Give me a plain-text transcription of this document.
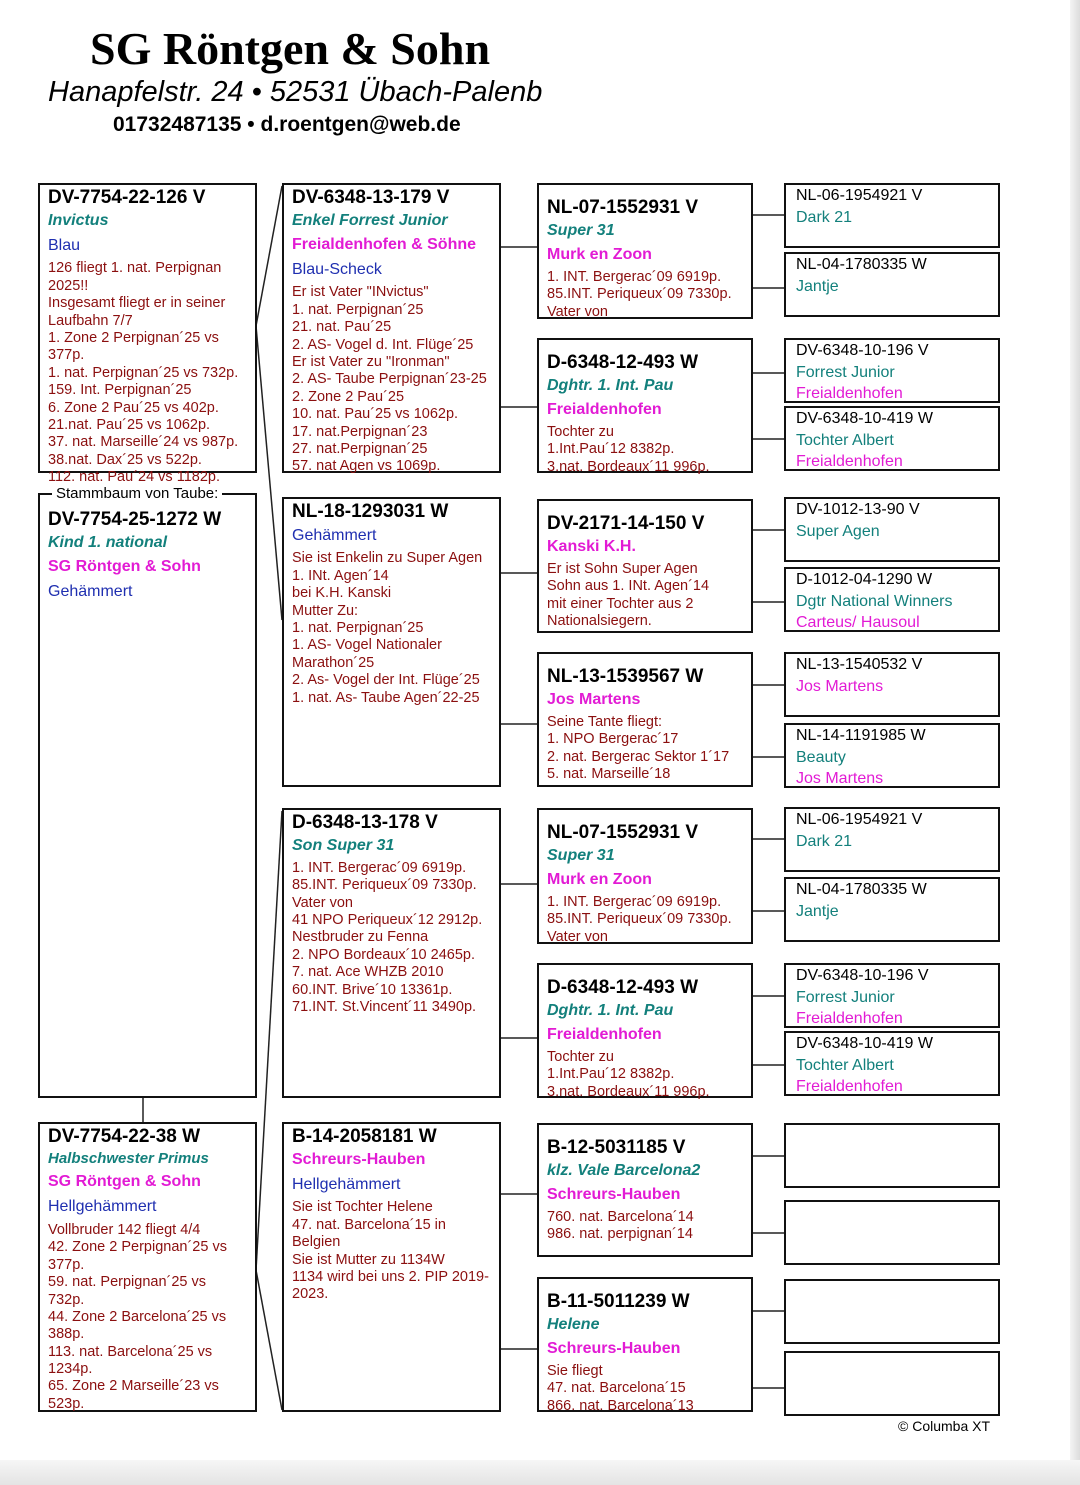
SG Röntgen & Sohn
Hanapfelstr. 24 • 52531 Übach-Palenb
01732487135 • d.roentgen@web.de
DV-7754-25-1272 W
Kind 1. national
SG Röntgen & Sohn
Gehämmert
Stammbaum von Taube:
DV-7754-22-126 V
Invictus
Blau
126 fliegt 1. nat. Perpignan
2025!!
Insgesamt fliegt er in seiner
Laufbahn 7/7
1. Zone 2 Perpignan´25 vs
377p.
1. nat. Perpignan´25 vs 732p.
159. Int. Perpignan´25
6. Zone 2 Pau´25 vs 402p.
21.nat. Pau´25 vs 1062p.
37. nat. Marseille´24 vs 987p.
38.nat. Dax´25 vs 522p.
112. nat. Pau´24 vs 1182p.
DV-7754-22-38 W
Halbschwester Primus
SG Röntgen & Sohn
Hellgehämmert
Vollbruder 142 fliegt 4/4
42. Zone 2 Perpignan´25 vs
377p.
59. nat. Perpignan´25 vs
732p.
44. Zone 2 Barcelona´25 vs
388p.
113. nat. Barcelona´25 vs
1234p.
65. Zone 2 Marseille´23 vs
523p.
DV-6348-13-179 V
Enkel Forrest Junior
Freialdenhofen & Söhne
Blau-Scheck
Er ist Vater "INvictus"
1. nat. Perpignan´25
21. nat. Pau´25
2. AS- Vogel d. Int. Flüge´25
Er ist Vater zu "Ironman"
2. AS- Taube Perpignan´23-25
2. Zone 2 Pau´25
10. nat. Pau´25 vs 1062p.
17. nat.Perpignan´23
27. nat.Perpignan´25
57. nat Agen vs 1069p.
NL-18-1293031 W
Gehämmert
Sie ist Enkelin zu Super Agen
1. INt. Agen´14
bei K.H. Kanski
Mutter Zu:
1. nat. Perpignan´25
1. AS- Vogel Nationaler
Marathon´25
2. As- Vogel der Int. Flüge´25
1. nat. As- Taube Agen´22-25
D-6348-13-178 V
Son Super 31
1. INT. Bergerac´09 6919p.
85.INT. Periqueux´09 7330p.
Vater von
41 NPO Periqueux´12 2912p.
Nestbruder zu Fenna
2. NPO Bordeaux´10 2465p.
7. nat. Ace WHZB 2010
60.INT. Brive´10 13361p.
71.INT. St.Vincent´11 3490p.
B-14-2058181 W
Schreurs-Hauben
Hellgehämmert
Sie ist Tochter Helene
47. nat. Barcelona´15 in Belgien
Sie ist Mutter zu 1134W
1134 wird bei uns 2. PIP 2019-2023.
NL-07-1552931 V
Super 31
Murk en Zoon
1. INT. Bergerac´09 6919p.
85.INT. Periqueux´09 7330p.
Vater von
D-6348-12-493 W
Dghtr. 1. Int. Pau
Freialdenhofen
Tochter zu
1.Int.Pau´12 8382p.
3.nat. Bordeaux´11 996p.
DV-2171-14-150 V
Kanski K.H.
Er ist Sohn Super Agen
Sohn aus 1. INt. Agen´14
mit einer Tochter aus 2
Nationalsiegern.
NL-13-1539567 W
Jos Martens
Seine Tante fliegt:
1. NPO Bergerac´17
2. nat. Bergerac Sektor 1´17
5. nat. Marseille´18
NL-07-1552931 V
Super 31
Murk en Zoon
1. INT. Bergerac´09 6919p.
85.INT. Periqueux´09 7330p.
Vater von
D-6348-12-493 W
Dghtr. 1. Int. Pau
Freialdenhofen
Tochter zu
1.Int.Pau´12 8382p.
3.nat. Bordeaux´11 996p.
B-12-5031185 V
klz. Vale Barcelona2
Schreurs-Hauben
760. nat. Barcelona´14
986. nat. perpignan´14
B-11-5011239 W
Helene
Schreurs-Hauben
Sie fliegt
47. nat. Barcelona´15
866. nat. Barcelona´13
NL-06-1954921 V
Dark 21
NL-04-1780335 W
Jantje
DV-6348-10-196 V
Forrest Junior
Freialdenhofen
DV-6348-10-419 W
Tochter Albert
Freialdenhofen
DV-1012-13-90 V
Super Agen
D-1012-04-1290 W
Dgtr National Winners
Carteus/ Hausoul
NL-13-1540532 V
Jos Martens
NL-14-1191985 W
Beauty
Jos Martens
NL-06-1954921 V
Dark 21
NL-04-1780335 W
Jantje
DV-6348-10-196 V
Forrest Junior
Freialdenhofen
DV-6348-10-419 W
Tochter Albert
Freialdenhofen
© Columba XT
